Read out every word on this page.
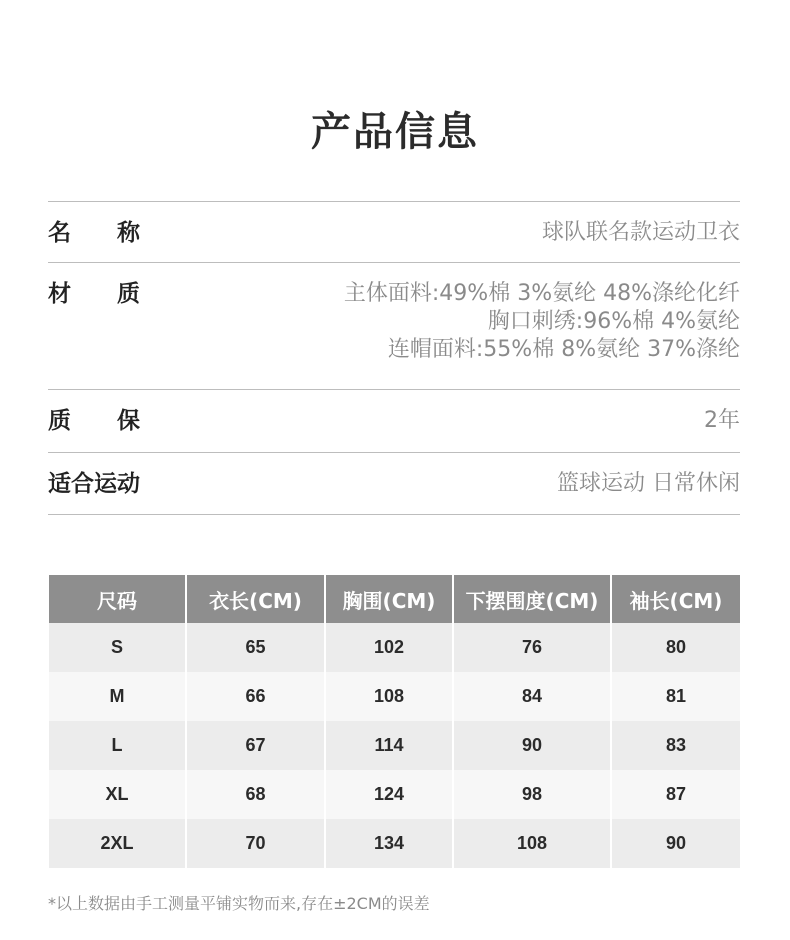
产品信息
名　　称	球队联名款运动卫衣
材　　质	主体面料:49%棉 3%氨纶 48%涤纶化纤
胸口刺绣:96%棉 4%氨纶
连帽面料:55%棉 8%氨纶 37%涤纶
质　　保	2年
适合运动	篮球运动 日常休闲
尺码	衣长(CM)	胸围(CM)	下摆围度(CM)	袖长(CM)
S	65	102	76	80
M	66	108	84	81
L	67	114	90	83
XL	68	124	98	87
2XL	70	134	108	90
*以上数据由手工测量平铺实物而来,存在±2CM的误差
